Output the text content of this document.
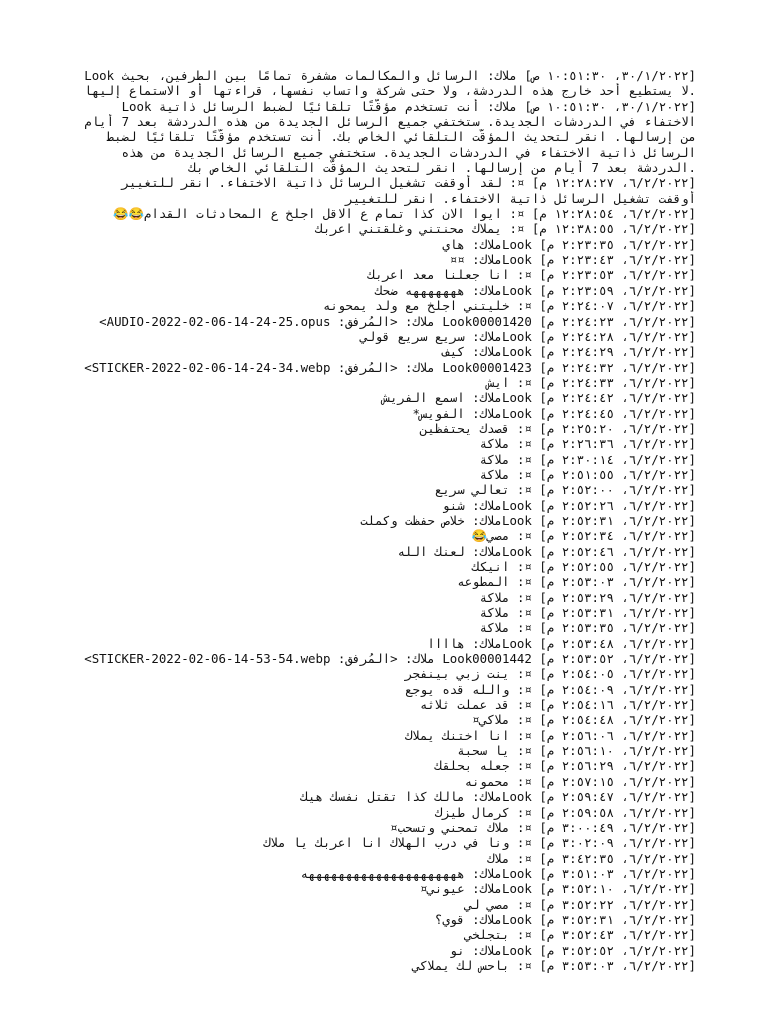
[٣٠/١/٢٠٢٢، ١٠:٥١:٣٠ ص] ملاك: الرسائل والمكالمات مشفرة تمامًا بين الطرفين، بحيث Look
.لا يستطيع أحد خارج هذه الدردشة، ولا حتى شركة واتساب نفسها، قراءتها أو الاستماع إليها
[٣٠/١/٢٠٢٢، ١٠:٥١:٣٠ ص] ملاك: أنت تستخدم مؤقّتًا تلقائيًا لضبط الرسائل ذاتية Look
الاختفاء في الدردشات الجديدة. ستختفي جميع الرسائل الجديدة من هذه الدردشة بعد 7 أيام
من إرسالها. انقر لتحديث المؤقّت التلقائي الخاص بك. أنت تستخدم مؤقّتًا تلقائيًا لضبط
الرسائل ذاتية الاختفاء في الدردشات الجديدة. ستختفي جميع الرسائل الجديدة من هذه
.الدردشة بعد 7 أيام من إرسالها. انقر لتحديث المؤقّت التلقائي الخاص بك
[٦/٢/٢٠٢٢، ١٢:٢٨:٢٧ م] ¤: لقد أوقفت تشغيل الرسائل ذاتية الاختفاء. انقر للتغيير
أوقفت تشغيل الرسائل ذاتية الاختفاء. انقر للتغيير
[٦/٢/٢٠٢٢، ١٢:٢٨:٥٤ م] ¤: ايوا الان كذا تمام ع الاقل اجلخ ع المحادثات القدام😂😂
[٦/٢/٢٠٢٢، ١٢:٣٨:٥٥ م] ¤: يملاك محنتني وغلقتني اعربك
[٦/٢/٢٠٢٢، ٢:٢٣:٣٥ م] Lookملاك: هاي
[٦/٢/٢٠٢٢، ٢:٢٣:٤٣ م] Lookملاك: ¤¤
[٦/٢/٢٠٢٢، ٢:٢٣:٥٣ م] ¤: انا جعلنا معد اعربك
[٦/٢/٢٠٢٢، ٢:٢٣:٥٩ م] Lookملاك: هههههههه ضحك
[٦/٢/٢٠٢٢، ٢:٢٤:٠٧ م] ¤: خليتني اجلخ مع ولد يمحونه
[٦/٢/٢٠٢٢، ٢:٢٤:٢٣ م] Look00001420 ملاك: <المُرفق: AUDIO-2022-02-06-14-24-25.opus>
[٦/٢/٢٠٢٢، ٢:٢٤:٢٨ م] Lookملاك: سريع سريع قولي
[٦/٢/٢٠٢٢، ٢:٢٤:٢٩ م] Lookملاك: كيف
[٦/٢/٢٠٢٢، ٢:٢٤:٣٢ م] Look00001423 ملاك: <المُرفق: STICKER-2022-02-06-14-24-34.webp>
[٦/٢/٢٠٢٢، ٢:٢٤:٣٣ م] ¤: ايش
[٦/٢/٢٠٢٢، ٢:٢٤:٤٢ م] Lookملاك: اسمع الفريش
[٦/٢/٢٠٢٢، ٢:٢٤:٤٥ م] Lookملاك: الفويس*
[٦/٢/٢٠٢٢، ٢:٢٥:٢٠ م] ¤: قصدك يحتفظين
[٦/٢/٢٠٢٢، ٢:٢٦:٣٦ م] ¤: ملاكة
[٦/٢/٢٠٢٢، ٢:٣٠:١٤ م] ¤: ملاكة
[٦/٢/٢٠٢٢، ٢:٥١:٥٥ م] ¤: ملاكة
[٦/٢/٢٠٢٢، ٢:٥٢:٠٠ م] ¤: تعالي سريع
[٦/٢/٢٠٢٢، ٢:٥٢:٢٦ م] Lookملاك: شنو
[٦/٢/٢٠٢٢، ٢:٥٢:٣١ م] Lookملاك: خلاص حفظت وكملت
[٦/٢/٢٠٢٢، ٢:٥٢:٣٤ م] ¤: مصي😂
[٦/٢/٢٠٢٢، ٢:٥٢:٤٦ م] Lookملاك: لعنك الله
[٦/٢/٢٠٢٢، ٢:٥٢:٥٥ م] ¤: انيكك
[٦/٢/٢٠٢٢، ٢:٥٣:٠٣ م] ¤: المطوعه
[٦/٢/٢٠٢٢، ٢:٥٣:٢٩ م] ¤: ملاكة
[٦/٢/٢٠٢٢، ٢:٥٣:٣١ م] ¤: ملاكة
[٦/٢/٢٠٢٢، ٢:٥٣:٣٥ م] ¤: ملاكة
[٦/٢/٢٠٢٢، ٢:٥٣:٤٨ م] Lookملاك: هاااا
[٦/٢/٢٠٢٢، ٢:٥٣:٥٢ م] Look00001442 ملاك: <المُرفق: STICKER-2022-02-06-14-53-54.webp>
[٦/٢/٢٠٢٢، ٢:٥٤:٠٥ م] ¤: ينت زبي بينفجر
[٦/٢/٢٠٢٢، ٢:٥٤:٠٩ م] ¤: والله قده يوجع
[٦/٢/٢٠٢٢، ٢:٥٤:١٦ م] ¤: قد عملت ثلاثه
[٦/٢/٢٠٢٢، ٢:٥٤:٤٨ م] ¤: ملاكي¤
[٦/٢/٢٠٢٢، ٢:٥٦:٠٦ م] ¤: انا اختنك يملاك
[٦/٢/٢٠٢٢، ٢:٥٦:١٠ م] ¤: يا سحبة
[٦/٢/٢٠٢٢، ٢:٥٦:٢٩ م] ¤: جعله بحلقك
[٦/٢/٢٠٢٢، ٢:٥٧:١٥ م] ¤: محمونه
[٦/٢/٢٠٢٢، ٢:٥٩:٤٧ م] Lookملاك: مالك كذا تقتل نفسك هيك
[٦/٢/٢٠٢٢، ٢:٥٩:٥٨ م] ¤: كرمال طيزك
[٦/٢/٢٠٢٢، ٣:٠٠:٤٩ م] ¤: ملاك تمحني وتسحب¤
[٦/٢/٢٠٢٢، ٣:٠٢:٠٩ م] ¤: ونا في درب الهلاك انا اعربك يا ملاك
[٦/٢/٢٠٢٢، ٣:٤٢:٣٥ م] ¤: ملاك
[٦/٢/٢٠٢٢، ٣:٥١:٠٣ م] Lookملاك: هههههههههههههههههههههه
[٦/٢/٢٠٢٢، ٣:٥٢:١٠ م] Lookملاك: عيوني¤
[٦/٢/٢٠٢٢، ٣:٥٢:٢٢ م] ¤: مصي لي
[٦/٢/٢٠٢٢، ٣:٥٢:٣١ م] Lookملاك: قوي؟
[٦/٢/٢٠٢٢، ٣:٥٢:٤٣ م] ¤: بتجلخي
[٦/٢/٢٠٢٢، ٣:٥٢:٥٢ م] Lookملاك: نو
[٦/٢/٢٠٢٢، ٣:٥٣:٠٣ م] ¤: باحس لك يملاكي
